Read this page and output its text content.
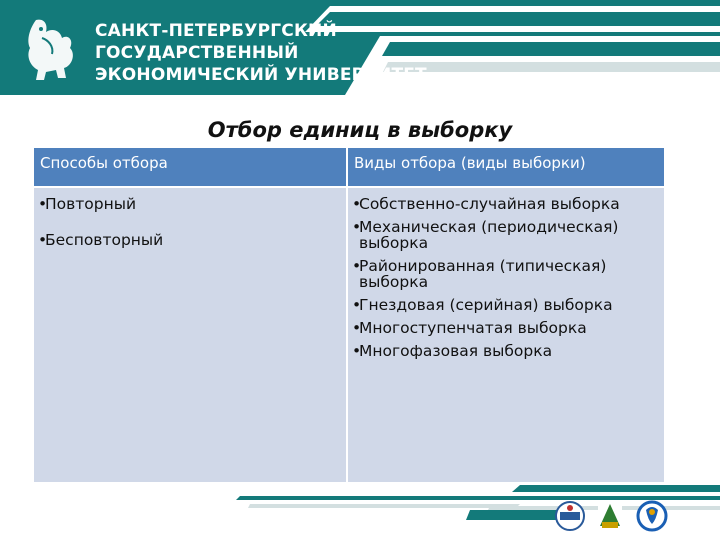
САНКТ-ПЕТЕРБУРГСКИЙ
ГОСУДАРСТВЕННЫЙ
ЭКОНОМИЧЕСКИЙ УНИВЕРСИТЕТ
Отбор единиц в выборку
Способы отбора	Виды отбора (виды выборки)
•
Повторный
•
Бесповторный
•
Собственно-случайная выборка
•
Механическая (периодическая) выборка
•
Районированная (типическая) выборка
•
Гнездовая (серийная) выборка
•
Многоступенчатая выборка
•
Многофазовая выборка
